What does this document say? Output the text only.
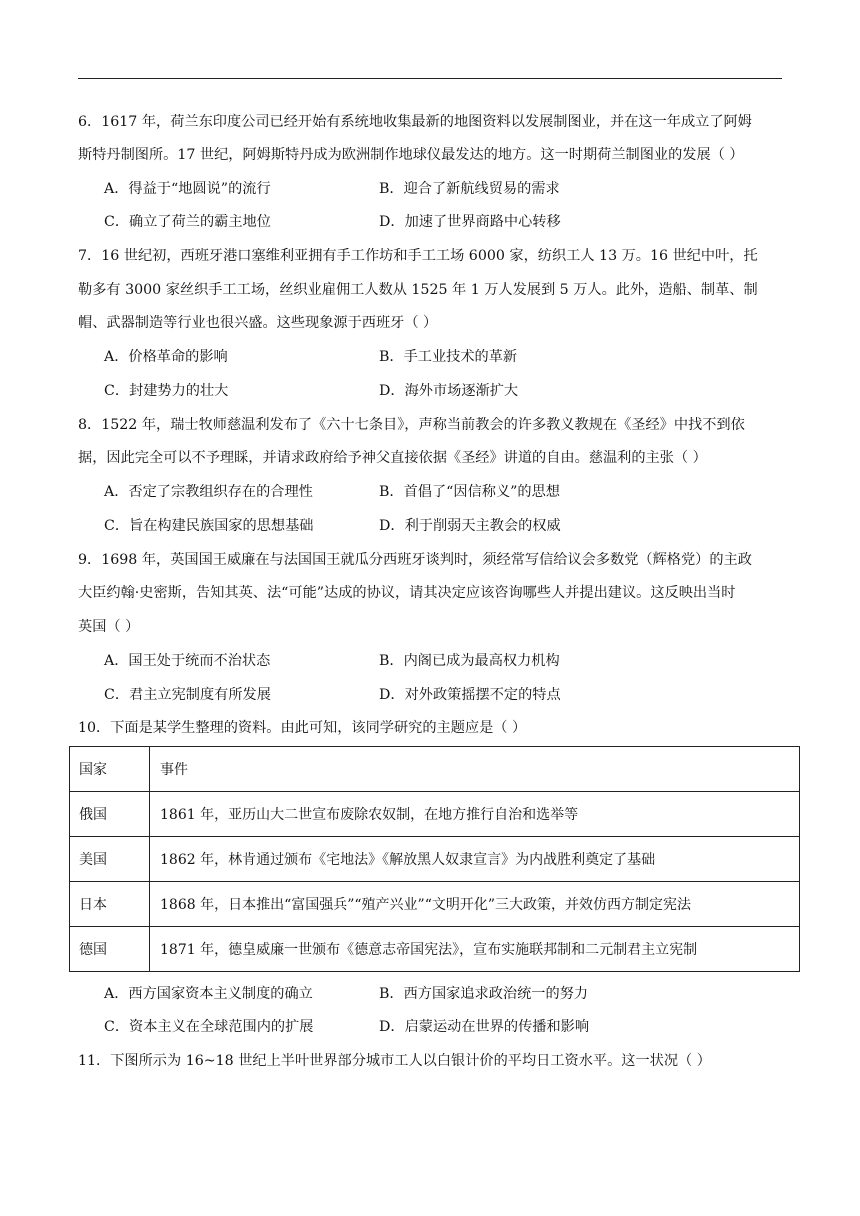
6．1617 年，荷兰东印度公司已经开始有系统地收集最新的地图资料以发展制图业，并在这一年成立了阿姆
斯特丹制图所。17 世纪，阿姆斯特丹成为欧洲制作地球仪最发达的地方。这一时期荷兰制图业的发展（ ）
A．得益于“地圆说”的流行	B．迎合了新航线贸易的需求
C．确立了荷兰的霸主地位	D．加速了世界商路中心转移
7．16 世纪初，西班牙港口塞维利亚拥有手工作坊和手工工场 6000 家，纺织工人 13 万。16 世纪中叶，托
勒多有 3000 家丝织手工工场，丝织业雇佣工人数从 1525 年 1 万人发展到 5 万人。此外，造船、制革、制
帽、武器制造等行业也很兴盛。这些现象源于西班牙（ ）
A．价格革命的影响	B．手工业技术的革新
C．封建势力的壮大	D．海外市场逐渐扩大
8．1522 年，瑞士牧师慈温利发布了《六十七条目》，声称当前教会的许多教义教规在《圣经》中找不到依
据，因此完全可以不予理睬，并请求政府给予神父直接依据《圣经》讲道的自由。慈温利的主张（ ）
A．否定了宗教组织存在的合理性	B．首倡了“因信称义”的思想
C．旨在构建民族国家的思想基础	D．利于削弱天主教会的权威
9．1698 年，英国国王威廉在与法国国王就瓜分西班牙谈判时，须经常写信给议会多数党（辉格党）的主政
大臣约翰·史密斯，告知其英、法“可能”达成的协议，请其决定应该咨询哪些人并提出建议。这反映出当时
英国（ ）
A．国王处于统而不治状态	B．内阁已成为最高权力机构
C．君主立宪制度有所发展	D．对外政策摇摆不定的特点
10．下面是某学生整理的资料。由此可知，该同学研究的主题应是（ ）
国家	事件
俄国	1861 年，亚历山大二世宣布废除农奴制，在地方推行自治和选举等
美国	1862 年，林肯通过颁布《宅地法》《解放黑人奴隶宣言》为内战胜利奠定了基础
日本	1868 年，日本推出“富国强兵”“殖产兴业”“文明开化”三大政策，并效仿西方制定宪法
德国	1871 年，德皇威廉一世颁布《德意志帝国宪法》，宣布实施联邦制和二元制君主立宪制
A．西方国家资本主义制度的确立	B．西方国家追求政治统一的努力
C．资本主义在全球范围内的扩展	D．启蒙运动在世界的传播和影响
11．下图所示为 16~18 世纪上半叶世界部分城市工人以白银计价的平均日工资水平。这一状况（ ）
